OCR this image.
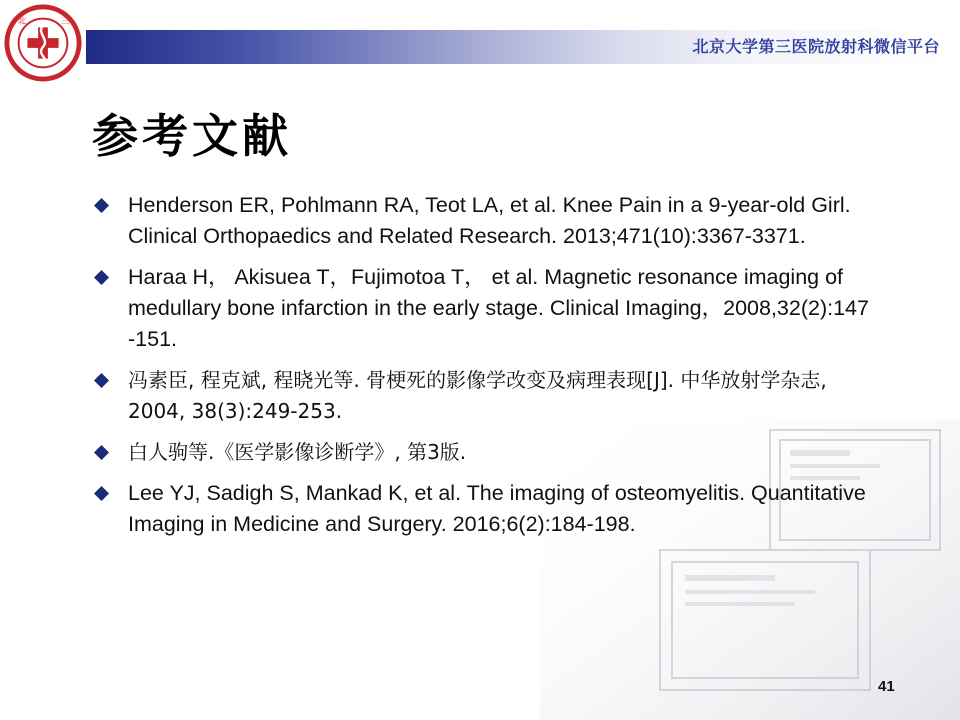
北	三
北京大学第三医院放射科微信平台
参考文献
Henderson ER, Pohlmann RA, Teot LA, et al. Knee Pain in a 9-year-old Girl. Clinical Orthopaedics and Related Research. 2013;471(10):3367-3371.
Haraa H， Akisuea T，Fujimotoa T， et al. Magnetic resonance imaging of medullary bone infarction in the early stage. Clinical Imaging，2008,32(2):147 -151.
冯素臣, 程克斌, 程晓光等. 骨梗死的影像学改变及病理表现[J]. 中华放射学杂志, 2004, 38(3):249-253.
白人驹等.《医学影像诊断学》, 第3版.
Lee YJ, Sadigh S, Mankad K, et al. The imaging of osteomyelitis. Quantitative Imaging in Medicine and Surgery. 2016;6(2):184-198.
41
